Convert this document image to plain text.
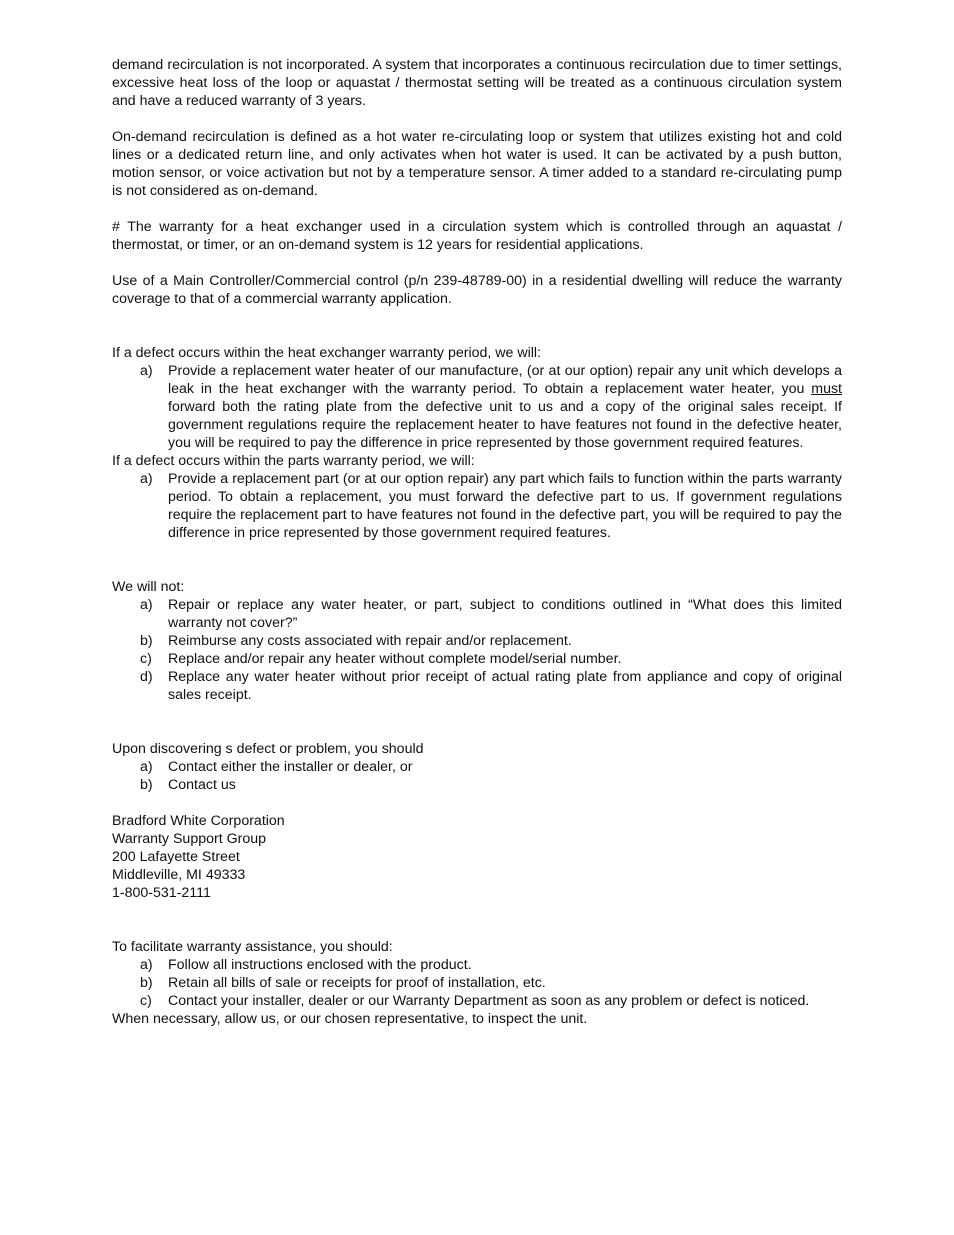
demand recirculation is not incorporated. A system that incorporates a continuous recirculation due to timer settings, excessive heat loss of the loop or aquastat / thermostat setting will be treated as a continuous circulation system and have a reduced warranty of 3 years.

On-demand recirculation is defined as a hot water re-circulating loop or system that utilizes existing hot and cold lines or a dedicated return line, and only activates when hot water is used. It can be activated by a push button, motion sensor, or voice activation but not by a temperature sensor. A timer added to a standard re-circulating pump is not considered as on-demand.

# The warranty for a heat exchanger used in a circulation system which is controlled through an aquastat / thermostat, or timer, or an on-demand system is 12 years for residential applications.

Use of a Main Controller/Commercial control (p/n 239-48789-00) in a residential dwelling will reduce the warranty coverage to that of a commercial warranty application.

If a defect occurs within the heat exchanger warranty period, we will:

a) Provide a replacement water heater of our manufacture, (or at our option) repair any unit which develops a leak in the heat exchanger with the warranty period. To obtain a replacement water heater, you must forward both the rating plate from the defective unit to us and a copy of the original sales receipt. If government regulations require the replacement heater to have features not found in the defective heater, you will be required to pay the difference in price represented by those government required features.

If a defect occurs within the parts warranty period, we will:

a) Provide a replacement part (or at our option repair) any part which fails to function within the parts warranty period. To obtain a replacement, you must forward the defective part to us. If government regulations require the replacement part to have features not found in the defective part, you will be required to pay the difference in price represented by those government required features.

We will not:

a) Repair or replace any water heater, or part, subject to conditions outlined in “What does this limited warranty not cover?”
b) Reimburse any costs associated with repair and/or replacement.
c) Replace and/or repair any heater without complete model/serial number.
d) Replace any water heater without prior receipt of actual rating plate from appliance and copy of original sales receipt.

Upon discovering s defect or problem, you should

a) Contact either the installer or dealer, or
b) Contact us
Bradford White Corporation
Warranty Support Group
200 Lafayette Street
Middleville, MI 49333
1-800-531-2111

To facilitate warranty assistance, you should:

a) Follow all instructions enclosed with the product.
b) Retain all bills of sale or receipts for proof of installation, etc.
c) Contact your installer, dealer or our Warranty Department as soon as any problem or defect is noticed.

When necessary, allow us, or our chosen representative, to inspect the unit.
